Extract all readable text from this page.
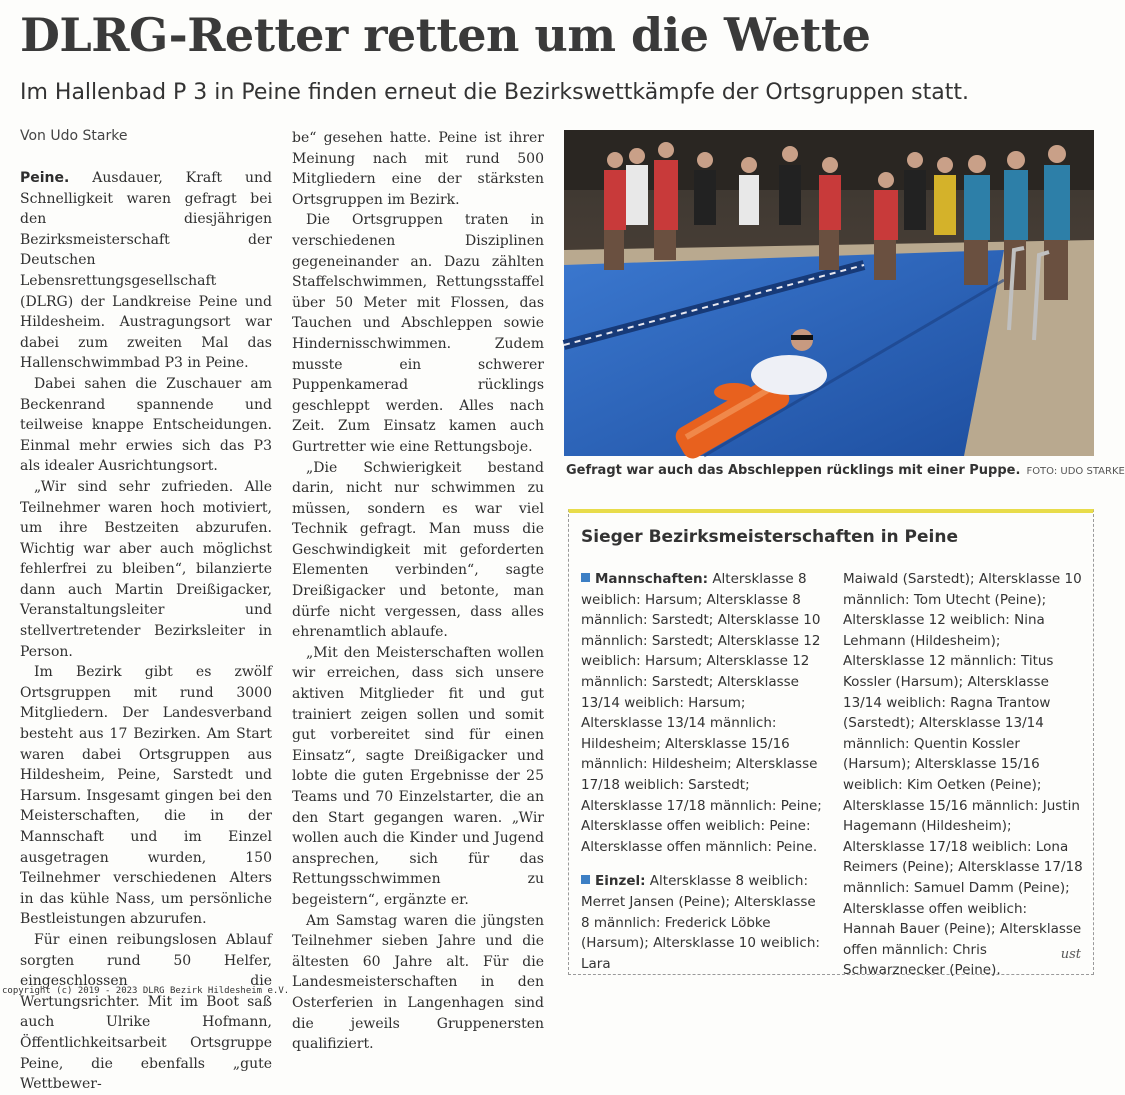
DLRG-Retter retten um die Wette
Im Hallenbad P 3 in Peine finden erneut die Bezirkswettkämpfe der Ortsgruppen statt.
Von Udo Starke

Peine. Ausdauer, Kraft und Schnelligkeit waren gefragt bei den diesjährigen Bezirksmeisterschaft der Deutschen Lebensrettungsgesellschaft (DLRG) der Landkreise Peine und Hildesheim. Austragungsort war dabei zum zweiten Mal das Hallenschwimmbad P3 in Peine.

Dabei sahen die Zuschauer am Beckenrand spannende und teilweise knappe Entscheidungen. Einmal mehr erwies sich das P3 als idealer Ausrichtungsort.

„Wir sind sehr zufrieden. Alle Teilnehmer waren hoch motiviert, um ihre Bestzeiten abzurufen. Wichtig war aber auch möglichst fehlerfrei zu bleiben“, bilanzierte dann auch Martin Dreißigacker, Veranstaltungsleiter und stellvertretender Bezirksleiter in Person.

Im Bezirk gibt es zwölf Ortsgruppen mit rund 3000 Mitgliedern. Der Landesverband besteht aus 17 Bezirken. Am Start waren dabei Ortsgruppen aus Hildesheim, Peine, Sarstedt und Harsum. Insgesamt gingen bei den Meisterschaften, die in der Mannschaft und im Einzel ausgetragen wurden, 150 Teilnehmer verschiedenen Alters in das kühle Nass, um persönliche Bestleistungen abzurufen.

Für einen reibungslosen Ablauf sorgten rund 50 Helfer, eingeschlossen die Wertungsrichter. Mit im Boot saß auch Ulrike Hofmann, Öffentlichkeitsarbeit Ortsgruppe Peine, die ebenfalls „gute Wettbewer-

be“ gesehen hatte. Peine ist ihrer Meinung nach mit rund 500 Mitgliedern eine der stärksten Ortsgruppen im Bezirk.

Die Ortsgruppen traten in verschiedenen Disziplinen gegeneinander an. Dazu zählten Staffelschwimmen, Rettungsstaffel über 50 Meter mit Flossen, das Tauchen und Abschleppen sowie Hindernisschwimmen. Zudem musste ein schwerer Puppenkamerad rücklings geschleppt werden. Alles nach Zeit. Zum Einsatz kamen auch Gurtretter wie eine Rettungsboje.

„Die Schwierigkeit bestand darin, nicht nur schwimmen zu müssen, sondern es war viel Technik gefragt. Man muss die Geschwindigkeit mit geforderten Elementen verbinden“, sagte Dreißigacker und betonte, man dürfe nicht vergessen, dass alles ehrenamtlich ablaufe.

„Mit den Meisterschaften wollen wir erreichen, dass sich unsere aktiven Mitglieder fit und gut trainiert zeigen sollen und somit gut vorbereitet sind für einen Einsatz“, sagte Dreißigacker und lobte die guten Ergebnisse der 25 Teams und 70 Einzelstarter, die an den Start gegangen waren. „Wir wollen auch die Kinder und Jugend ansprechen, sich für das Rettungsschwimmen zu begeistern“, ergänzte er.

Am Samstag waren die jüngsten Teilnehmer sieben Jahre und die ältesten 60 Jahre alt. Für die Landesmeisterschaften in den Osterferien in Langenhagen sind die jeweils Gruppenersten qualifiziert.

Gefragt war auch das Abschleppen rücklings mit einer Puppe. FOTO: UDO STARKE
Sieger Bezirksmeisterschaften in Peine

Mannschaften: Altersklasse 8 weiblich: Harsum; Altersklasse 8 männlich: Sarstedt; Altersklasse 10 männlich: Sarstedt; Altersklasse 12 weiblich: Harsum; Altersklasse 12 männlich: Sarstedt; Altersklasse 13/14 weiblich: Harsum; Altersklasse 13/14 männlich: Hildesheim; Altersklasse 15/16 männlich: Hildesheim; Altersklasse 17/18 weiblich: Sarstedt; Altersklasse 17/18 männlich: Peine; Altersklasse offen weiblich: Peine: Altersklasse offen männlich: Peine.

Einzel: Altersklasse 8 weiblich: Merret Jansen (Peine); Altersklasse 8 männlich: Frederick Löbke (Harsum); Altersklasse 10 weiblich: Lara

Maiwald (Sarstedt); Altersklasse 10 männlich: Tom Utecht (Peine); Altersklasse 12 weiblich: Nina Lehmann (Hildesheim); Altersklasse 12 männlich: Titus Kossler (Harsum); Altersklasse 13/14 weiblich: Ragna Trantow (Sarstedt); Altersklasse 13/14 männlich: Quentin Kossler (Harsum); Altersklasse 15/16 weiblich: Kim Oetken (Peine); Altersklasse 15/16 männlich: Justin Hagemann (Hildesheim); Altersklasse 17/18 weiblich: Lona Reimers (Peine); Altersklasse 17/18 männlich: Samuel Damm (Peine); Altersklasse offen weiblich: Hannah Bauer (Peine); Altersklasse offen männlich: Chris Schwarznecker (Peine).

ust
copyright (c) 2019 - 2023 DLRG Bezirk Hildesheim e.V.
